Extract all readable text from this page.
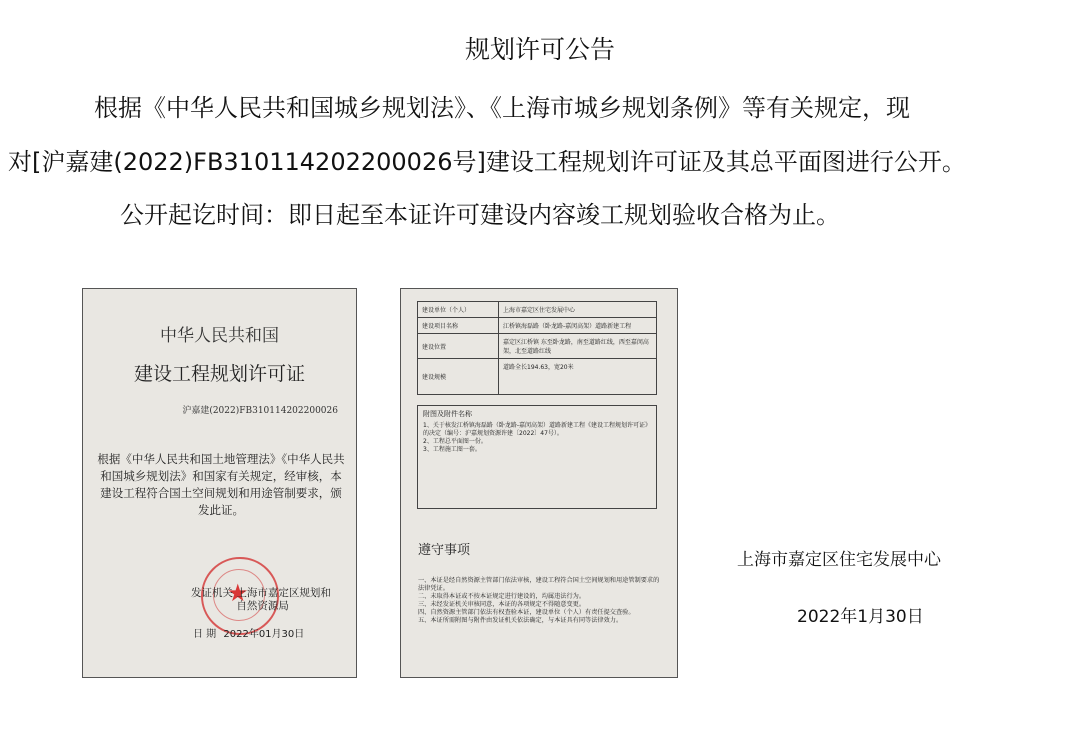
规划许可公告
根据《中华人民共和国城乡规划法》、《上海市城乡规划条例》等有关规定，现
对[沪嘉建(2022)FB310114202200026号]建设工程规划许可证及其总平面图进行公开。
公开起讫时间：即日起至本证许可建设内容竣工规划验收合格为止。
中华人民共和国
建设工程规划许可证
沪嘉建(2022)FB310114202200026
根据《中华人民共和国土地管理法》《中华人民共和国城乡规划法》和国家有关规定，经审核，本建设工程符合国土空间规划和用途管制要求，颁发此证。
★
发证机关 上海市嘉定区规划和自然资源局
日 期 2022年01月30日
建设单位（个人）	上海市嘉定区住宅发展中心
建设项目名称	江桥镇海磊路（卧龙路-嘉闵高架）道路新建工程
建设位置	嘉定区江桥镇 东至卧龙路，南至道路红线，西至嘉闵高架，北至道路红线
建设规模	道路全长194.63，宽20米
附图及附件名称
1、关于核发江桥镇海磊路（卧龙路-嘉闵高架）道路新建工程《建设工程规划许可证》的决定（编号：沪嘉规划资源许建〔2022〕47号）。
2、工程总平面图一份。
3、工程施工图一套。
遵守事项
一、本证是经自然资源主管部门依法审核，建设工程符合国土空间规划和用途管制要求的法律凭证。
二、未取得本证或不按本证规定进行建设的，均属违法行为。
三、未经发证机关审核同意，本证的各项规定不得随意变更。
四、自然资源主管部门依法有权查验本证，建设单位（个人）有责任提交查验。
五、本证所需附图与附件由发证机关依法确定，与本证具有同等法律效力。
上海市嘉定区住宅发展中心
2022年1月30日
